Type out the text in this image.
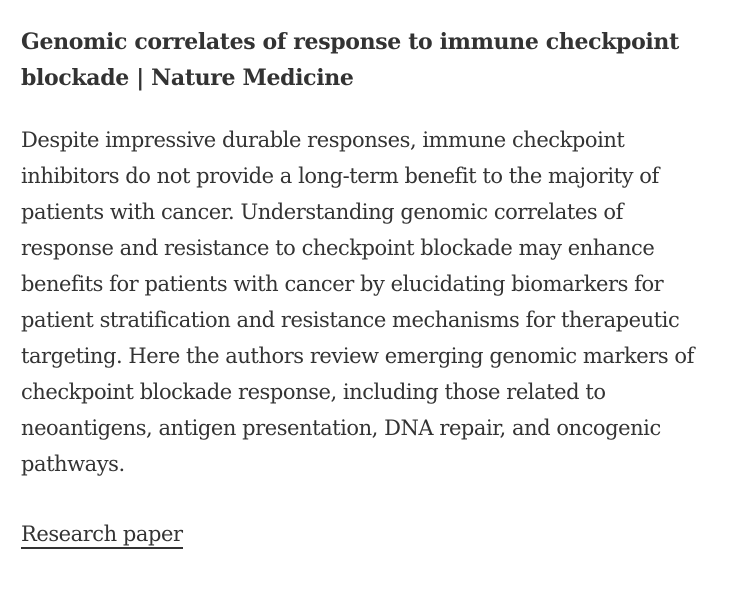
Genomic correlates of response to immune checkpoint blockade | Nature Medicine

Despite impressive durable responses, immune checkpoint inhibitors do not provide a long-term benefit to the majority of patients with cancer. Understanding genomic correlates of response and resistance to checkpoint blockade may enhance benefits for patients with cancer by elucidating biomarkers for patient stratification and resistance mechanisms for therapeutic targeting. Here the authors review emerging genomic markers of checkpoint blockade response, including those related to neoantigens, antigen presentation, DNA repair, and oncogenic pathways.

Research paper
